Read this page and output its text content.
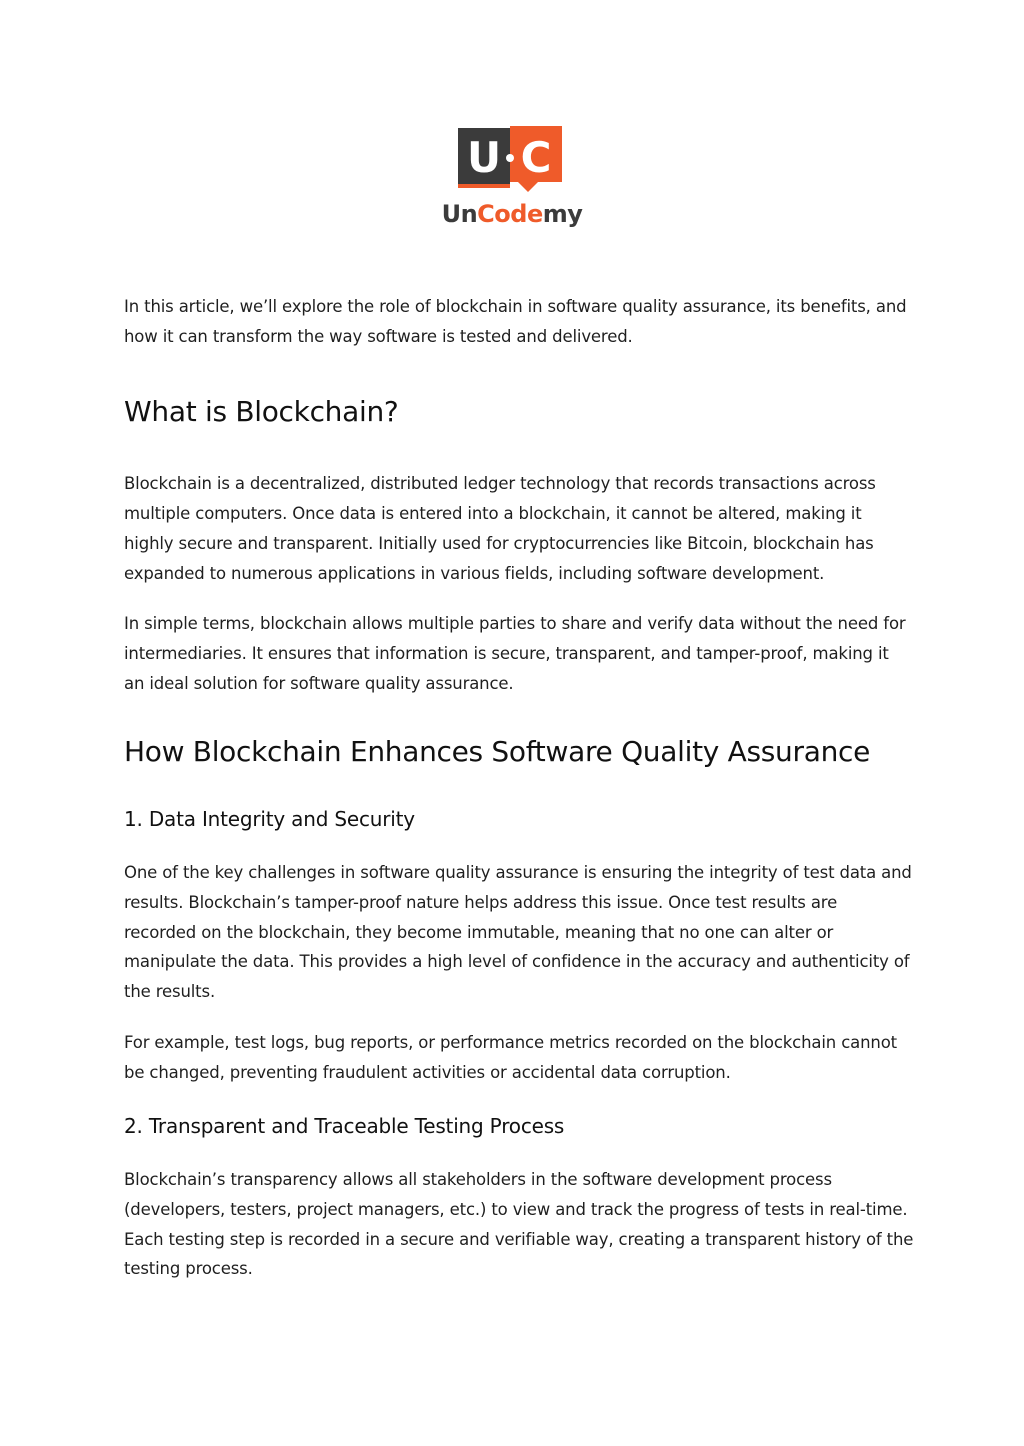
U C
UnCodemy

In this article, we’ll explore the role of blockchain in software quality assurance, its benefits, and how it can transform the way software is tested and delivered.

What is Blockchain?

Blockchain is a decentralized, distributed ledger technology that records transactions across multiple computers. Once data is entered into a blockchain, it cannot be altered, making it highly secure and transparent. Initially used for cryptocurrencies like Bitcoin, blockchain has expanded to numerous applications in various fields, including software development.

In simple terms, blockchain allows multiple parties to share and verify data without the need for intermediaries. It ensures that information is secure, transparent, and tamper-proof, making it an ideal solution for software quality assurance.

How Blockchain Enhances Software Quality Assurance
1. Data Integrity and Security

One of the key challenges in software quality assurance is ensuring the integrity of test data and results. Blockchain’s tamper-proof nature helps address this issue. Once test results are recorded on the blockchain, they become immutable, meaning that no one can alter or manipulate the data. This provides a high level of confidence in the accuracy and authenticity of the results.

For example, test logs, bug reports, or performance metrics recorded on the blockchain cannot be changed, preventing fraudulent activities or accidental data corruption.

2. Transparent and Traceable Testing Process

Blockchain’s transparency allows all stakeholders in the software development process (developers, testers, project managers, etc.) to view and track the progress of tests in real-time. Each testing step is recorded in a secure and verifiable way, creating a transparent history of the testing process.
